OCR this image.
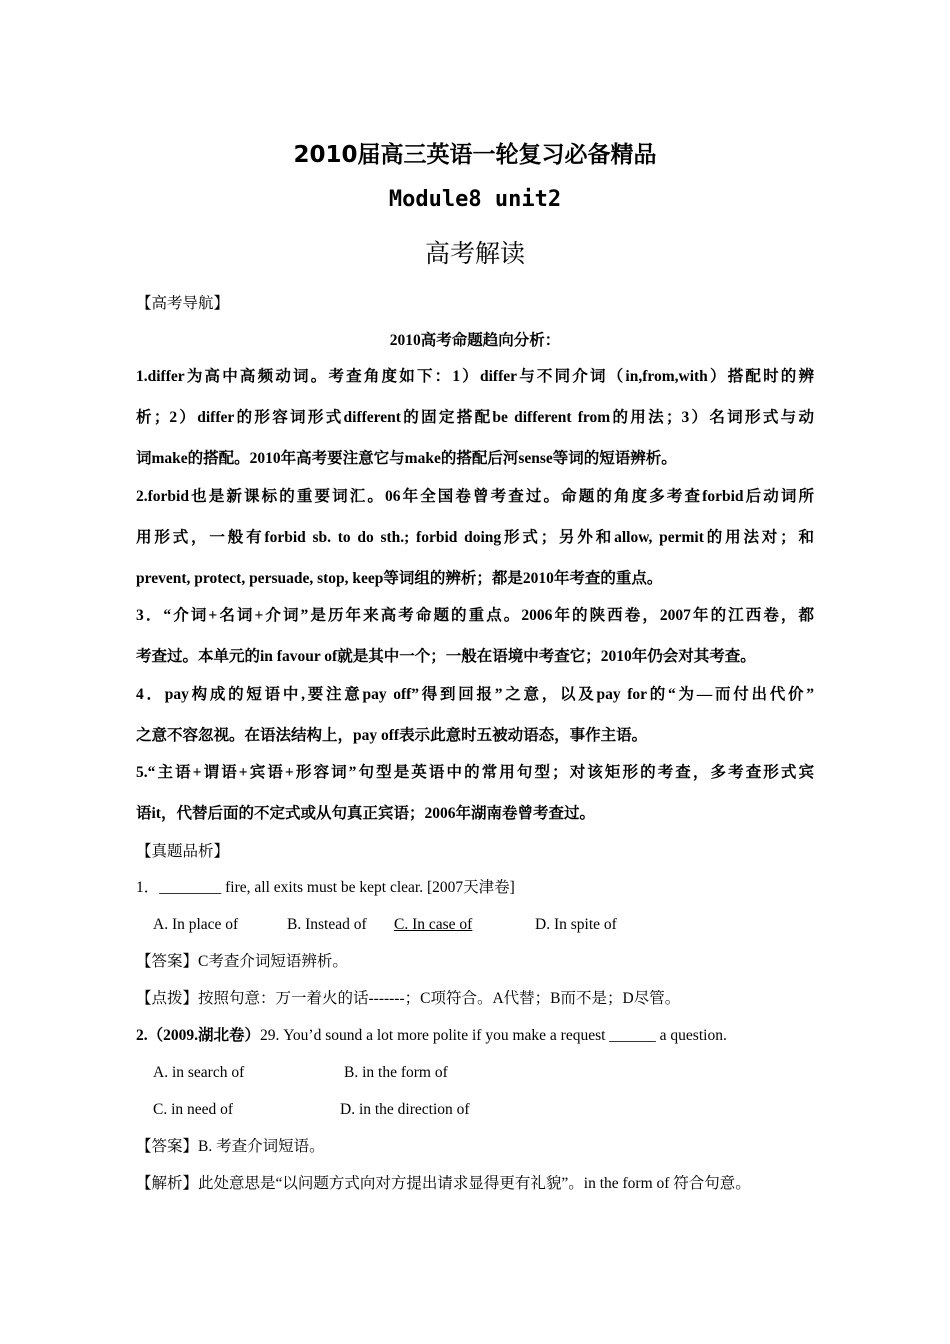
2010届高三英语一轮复习必备精品
Module8 unit2
高考解读
【高考导航】
2010高考命题趋向分析：
1.differ为高中高频动词。考查角度如下：1）differ与不同介词（in,from,with）搭配时的辨
析；2）differ的形容词形式different的固定搭配be different from的用法；3）名词形式与动
词make的搭配。2010年高考要注意它与make的搭配后河sense等词的短语辨析。
2.forbid也是新课标的重要词汇。06年全国卷曾考查过。命题的角度多考查forbid后动词所
用形式，一般有forbid sb. to do sth.; forbid doing形式；另外和allow, permit的用法对；和
prevent, protect, persuade, stop, keep等词组的辨析；都是2010年考查的重点。
3．“介词+名词+介词”是历年来高考命题的重点。2006年的陕西卷，2007年的江西卷，都
考查过。本单元的in favour of就是其中一个；一般在语境中考查它；2010年仍会对其考查。
4．pay构成的短语中,要注意pay off”得到回报”之意，以及pay for的“为—而付出代价”
之意不容忽视。在语法结构上，pay off表示此意时五被动语态，事作主语。
5.“主语+谓语+宾语+形容词”句型是英语中的常用句型；对该矩形的考查，多考查形式宾
语it，代替后面的不定式或从句真正宾语；2006年湖南卷曾考查过。
【真题品析】
1．________ fire, all exits must be kept clear. [2007天津卷]
A. In place of	B. Instead of C. In case of	D. In spite of
【答案】C考查介词短语辨析。
【点拨】按照句意：万一着火的话-------；C项符合。A代替；B而不是；D尽管。
2.（2009.湖北卷）29. You’d sound a lot more polite if you make a request ______ a question.
A. in search of	B. in the form of
C. in need of	D. in the direction of
【答案】B. 考查介词短语。
【解析】此处意思是“以问题方式向对方提出请求显得更有礼貌”。in the form of 符合句意。
